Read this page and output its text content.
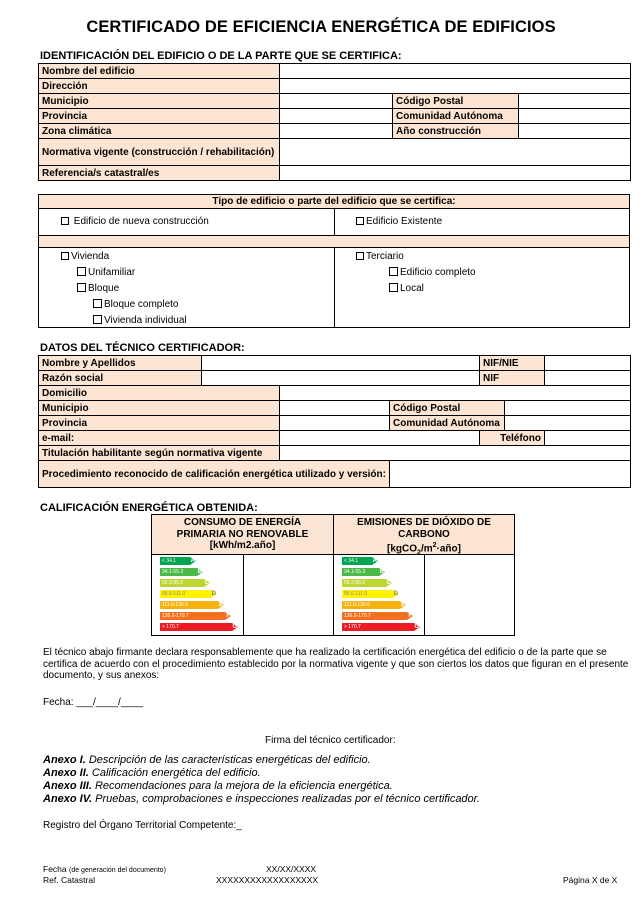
CERTIFICADO DE EFICIENCIA ENERGÉTICA DE EDIFICIOS
IDENTIFICACIÓN DEL EDIFICIO O DE LA PARTE QUE SE CERTIFICA:
Nombre del edificio			
Dirección			
Municipio		Código Postal	
Provincia		Comunidad Autónoma	
Zona climática		Año construcción	
Normativa vigente (construcción / rehabilitación)			
Referencia/s catastral/es			
Tipo de edificio o parte del edificio que se certifica:
Edificio de nueva construcción	Edificio Existente
Vivienda
Unifamiliar
Bloque
Bloque completo
Vivienda individual
Terciario
Edificio completo
Local
DATOS DEL TÉCNICO CERTIFICADOR:
Nombre y Apellidos				NIF/NIE		
Razón social				NIF		
Domicilio						
Municipio			Código Postal			
Provincia			Comunidad Autónoma			
e-mail:				Teléfono		
Titulación habilitante según normativa vigente						
Procedimiento reconocido de calificación energética utilizado y versión:						
CALIFICACIÓN ENERGÉTICA OBTENIDA:
CONSUMO DE ENERGÍA PRIMARIA NO RENOVABLE
[kWh/m2.año]
< 34.1 A
34.1-55.3 B
55.3-85.6	C
85.6-111.0	D
111.0-136.6	E
136.6-170.7	F
> 170.7	G
EMISIONES DE DIÓXIDO DE CARBONO
$[kgCO_2/m^2\cdot año]$
< 34.1 A
34.1-55.3 B
55.3-85.6	C
85.6-111.0	D
111.0-136.6	E
136.6-170.7	F
> 170.7	G
El técnico abajo firmante declara responsablemente que ha realizado la certificación energética del edificio o de la parte que se certifica de acuerdo con el procedimiento establecido por la normativa vigente y que son ciertos los datos que figuran en el presente documento, y sus anexos:
Fecha: ___/____/____
Firma del técnico certificador:
Anexo I. Descripción de las características energéticas del edificio.
Anexo II. Calificación energética del edificio.
Anexo III. Recomendaciones para la mejora de la eficiencia energética.
Anexo IV. Pruebas, comprobaciones e inspecciones realizadas por el técnico certificador.
Registro del Órgano Territorial Competente:_
Fecha (de generación del documento)	XX/XX/XXXX
Ref. Catastral	XXXXXXXXXXXXXXXXXX	Página X de X
